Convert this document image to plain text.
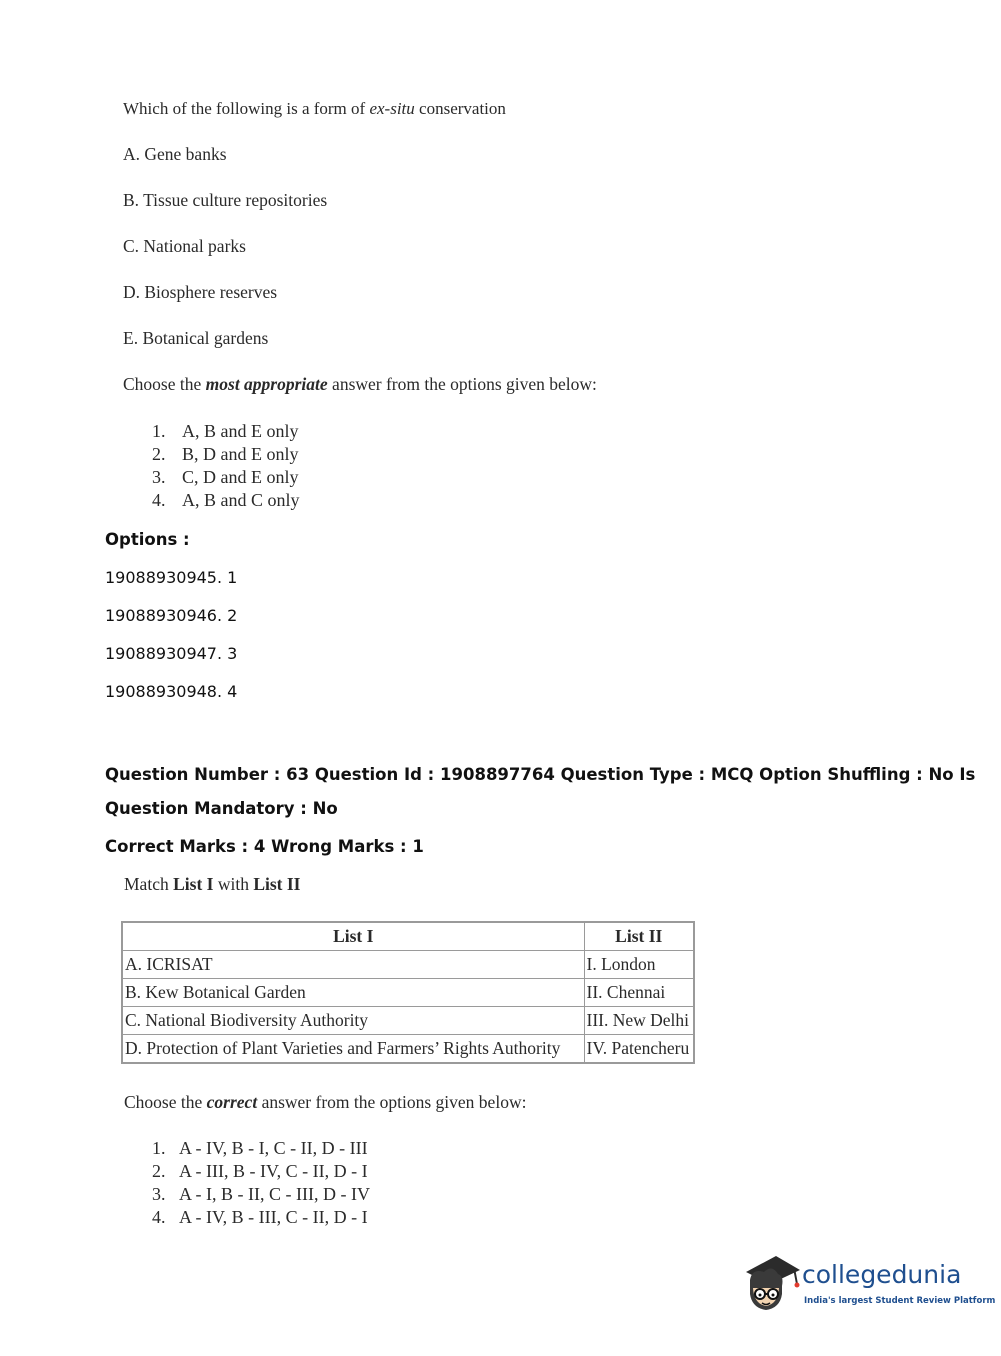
Which of the following is a form of ex-situ conservation
A. Gene banks
B. Tissue culture repositories
C. National parks
D. Biosphere reserves
E. Botanical gardens
Choose the most appropriate answer from the options given below:
1. A, B and E only
2. B, D and E only
3. C, D and E only
4. A, B and C only
Options :
19088930945. 1
19088930946. 2
19088930947. 3
19088930948. 4
Question Number : 63 Question Id : 1908897764 Question Type : MCQ Option Shuffling : No Is
Question Mandatory : No
Correct Marks : 4 Wrong Marks : 1
Match List I with List II
List I	List II
A. ICRISAT	I. London
B. Kew Botanical Garden	II. Chennai
C. National Biodiversity Authority	III. New Delhi
D. Protection of Plant Varieties and Farmers’ Rights Authority	IV. Patencheru
Choose the correct answer from the options given below:
1. A - IV, B - I, C - II, D - III
2. A - III, B - IV, C - II, D - I
3. A - I, B - II, C - III, D - IV
4. A - IV, B - III, C - II, D - I
collegedunia
India's largest Student Review Platform
